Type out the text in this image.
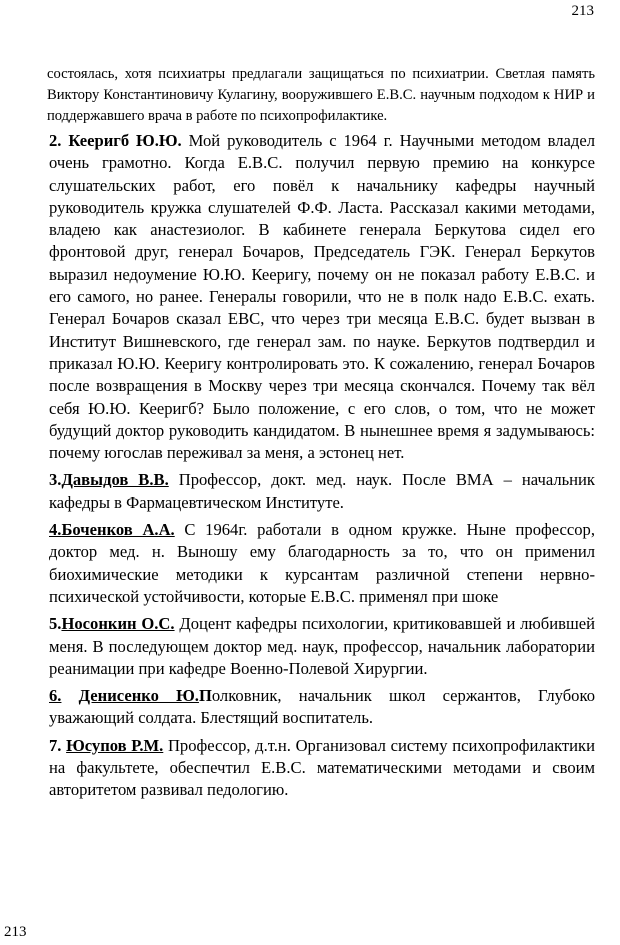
213

состоялась, хотя психиатры предлагали защищаться по психиатрии. Светлая память Виктору Константиновичу Кулагину, вооружившего Е.В.С. научным подходом к НИР и поддержавшего врача в работе по психопрофилактике.

2. Кееригб Ю.Ю. Мой руководитель с 1964 г. Научными методом владел очень грамотно. Когда Е.В.С. получил первую премию на конкурсе слушательских работ, его повёл к начальнику кафедры научный руководитель кружка слушателей Ф.Ф. Ласта. Рассказал какими методами, владею как анастезиолог. В кабинете генерала Беркутова сидел его фронтовой друг, генерал Бочаров, Председатель ГЭК. Генерал Беркутов выразил недоумение Ю.Ю. Кееригу, почему он не показал работу Е.В.С. и его самого, но ранее. Генералы говорили, что не в полк надо Е.В.С. ехать. Генерал Бочаров сказал ЕВС, что через три месяца Е.В.С. будет вызван в Институт Вишневского, где генерал зам. по науке. Беркутов подтвердил и приказал Ю.Ю. Кееригу контролировать это. К сожалению, генерал Бочаров после возвращения в Москву через три месяца скончался. Почему так вёл себя Ю.Ю. Кееригб? Было положение, с его слов, о том, что не может будущий доктор руководить кандидатом. В нынешнее время я задумываюсь: почему югослав переживал за меня, а эстонец нет.

3.Давыдов В.В. Профессор, докт. мед. наук. После ВМА – начальник кафедры в Фармацевтическом Институте.

4.Боченков А.А. С 1964г. работали в одном кружке. Ныне профессор, доктор мед. н. Выношу ему благодарность за то, что он применил биохимические методики к курсантам различной степени нервно-психической устойчивости, которые Е.В.С. применял при шоке

5.Носонкин О.С. Доцент кафедры психологии, критиковавшей и любившей меня. В последующем доктор мед. наук, профессор, начальник лаборатории реанимации при кафедре Военно-Полевой Хирургии.

6. Денисенко Ю.Полковник, начальник школ сержантов, Глубоко уважающий солдата. Блестящий воспитатель.

7. Юсупов Р.М. Профессор, д.т.н. Организовал систему психопрофилактики на факультете, обеспечтил Е.В.С. математическими методами и своим авторитетом развивал педологию.

213
